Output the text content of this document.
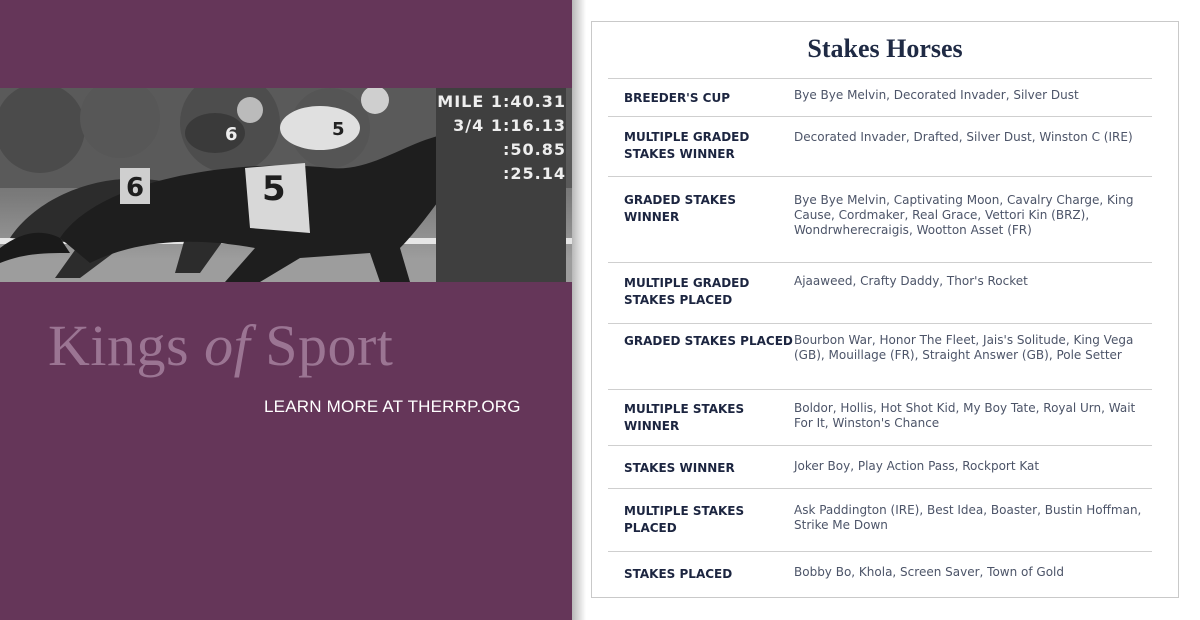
5
6	5
6
MILE 1:40.31
3/4 1:16.13
:50.85
:25.14
Kings of Sport
LEARN MORE AT THERRP.ORG
Stakes Horses
BREEDER'S CUP	Bye Bye Melvin, Decorated Invader, Silver Dust
MULTIPLE GRADED STAKES WINNER	Decorated Invader, Drafted, Silver Dust, Winston C (IRE)
GRADED STAKES WINNER	Bye Bye Melvin, Captivating Moon, Cavalry Charge, King Cause, Cordmaker, Real Grace, Vettori Kin (BRZ), Wondrwherecraigis, Wootton Asset (FR)
MULTIPLE GRADED STAKES PLACED	Ajaaweed, Crafty Daddy, Thor's Rocket
GRADED STAKES PLACED	Bourbon War, Honor The Fleet, Jais's Solitude, King Vega (GB), Mouillage (FR), Straight Answer (GB), Pole Setter
MULTIPLE STAKES WINNER	Boldor, Hollis, Hot Shot Kid, My Boy Tate, Royal Urn, Wait For It, Winston's Chance
STAKES WINNER	Joker Boy, Play Action Pass, Rockport Kat
MULTIPLE STAKES PLACED	Ask Paddington (IRE), Best Idea, Boaster, Bustin Hoffman, Strike Me Down
STAKES PLACED	Bobby Bo, Khola, Screen Saver, Town of Gold
